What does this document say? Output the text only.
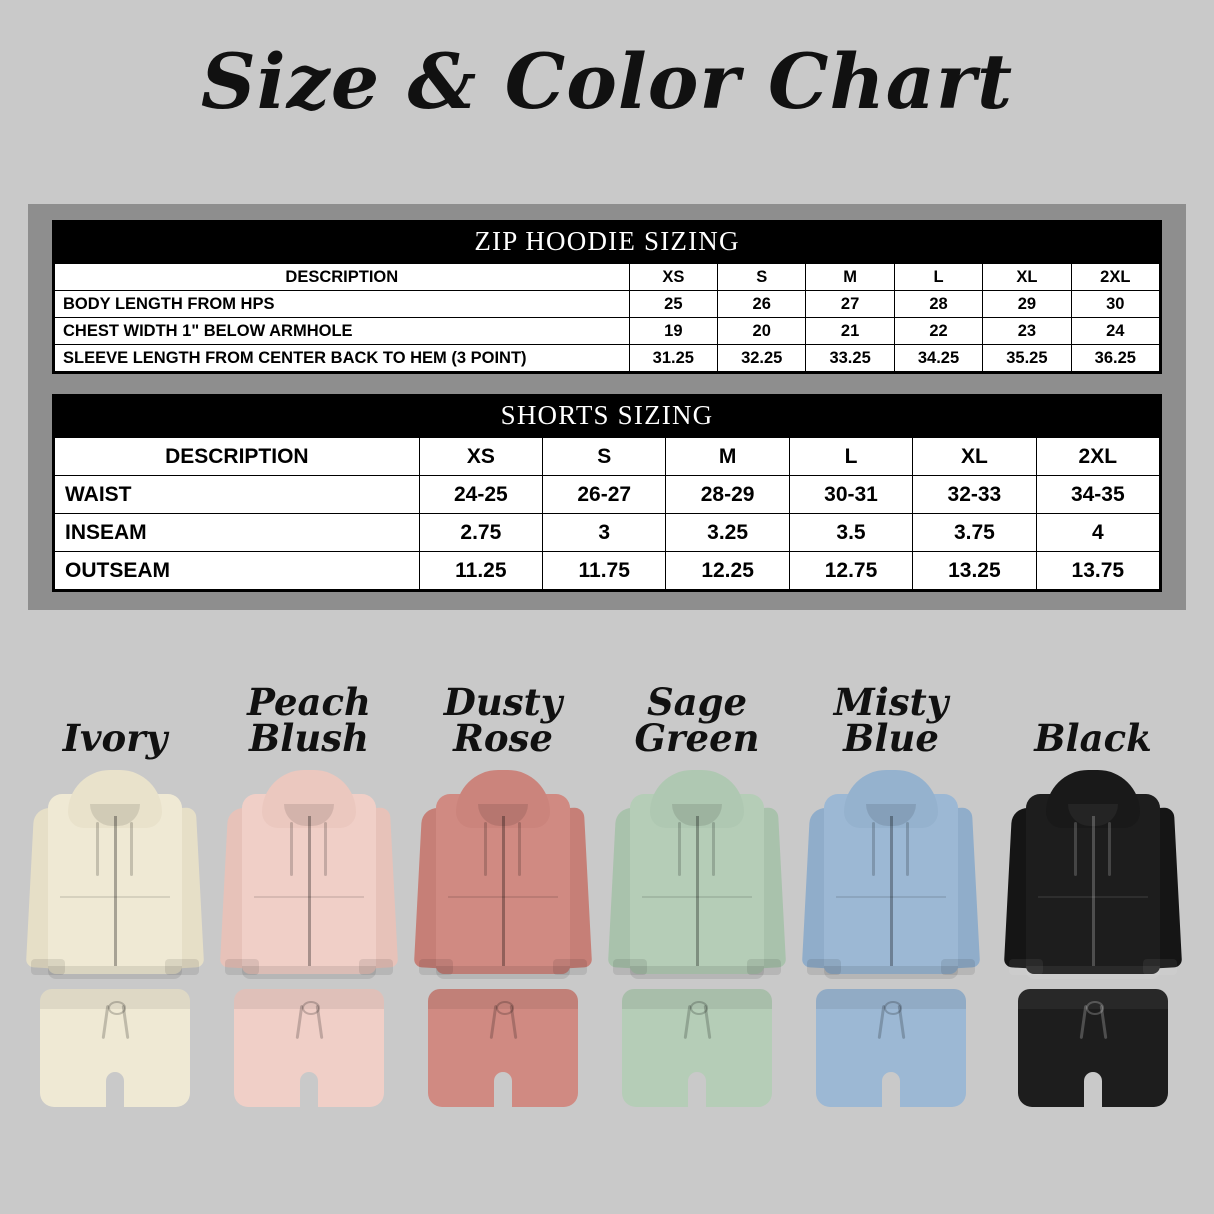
Size & Color Chart
ZIP HOODIE SIZING
DESCRIPTION	XS	S	M	L	XL	2XL
BODY LENGTH FROM HPS	25	26	27	28	29	30
CHEST WIDTH 1" BELOW ARMHOLE	19	20	21	22	23	24
SLEEVE LENGTH FROM CENTER BACK TO HEM (3 POINT)	31.25	32.25	33.25	34.25	35.25	36.25
SHORTS SIZING
DESCRIPTION	XS	S	M	L	XL	2XL
WAIST	24-25	26-27	28-29	30-31	32-33	34-35
INSEAM	2.75	3	3.25	3.5	3.75	4
OUTSEAM	11.25	11.75	12.25	12.75	13.25	13.75
Ivory
Peach
Blush
Dusty
Rose
Sage
Green
Misty
Blue	Black
